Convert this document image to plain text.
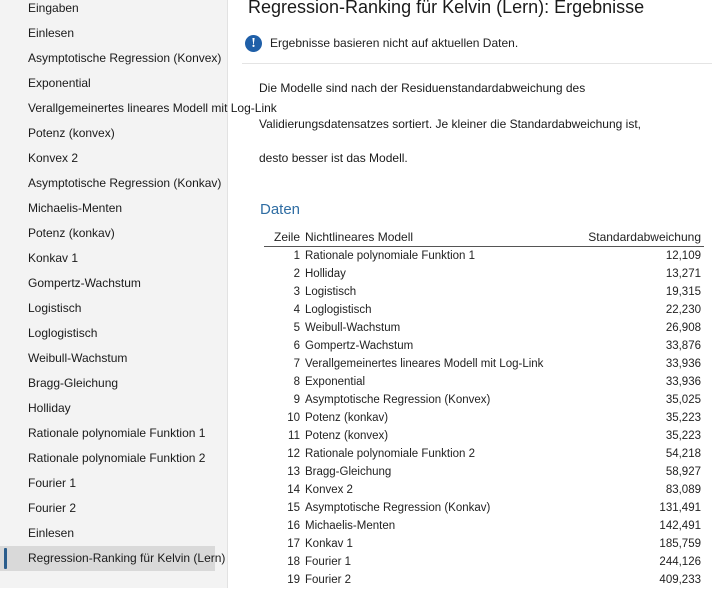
Eingaben
Einlesen
Asymptotische Regression (Konvex)
Exponential
Verallgemeinertes lineares Modell mit Log-Link
Potenz (konvex)
Konvex 2
Asymptotische Regression (Konkav)
Michaelis-Menten
Potenz (konkav)
Konkav 1
Gompertz-Wachstum
Logistisch
Loglogistisch
Weibull-Wachstum
Bragg-Gleichung
Holliday
Rationale polynomiale Funktion 1
Rationale polynomiale Funktion 2
Fourier 1
Fourier 2
Einlesen
Regression-Ranking für Kelvin (Lern)
Regression-Ranking für Kelvin (Lern): Ergebnisse
!	Ergebnisse basieren nicht auf aktuellen Daten.
Die Modelle sind nach der Residuenstandardabweichung des
Validierungsdatensatzes sortiert. Je kleiner die Standardabweichung ist,
desto besser ist das Modell.
Daten
Zeile Nichtlineares Modell	Standardabweichung
1 Rationale polynomiale Funktion 1	12,109
2 Holliday	13,271
3 Logistisch	19,315
4 Loglogistisch	22,230
5 Weibull-Wachstum	26,908
6 Gompertz-Wachstum	33,876
7 Verallgemeinertes lineares Modell mit Log-Link	33,936
8 Exponential	33,936
9 Asymptotische Regression (Konvex)	35,025
10 Potenz (konkav)	35,223
11 Potenz (konvex)	35,223
12 Rationale polynomiale Funktion 2	54,218
13 Bragg-Gleichung	58,927
14 Konvex 2	83,089
15 Asymptotische Regression (Konkav)	131,491
16 Michaelis-Menten	142,491
17 Konkav 1	185,759
18 Fourier 1	244,126
19 Fourier 2	409,233
